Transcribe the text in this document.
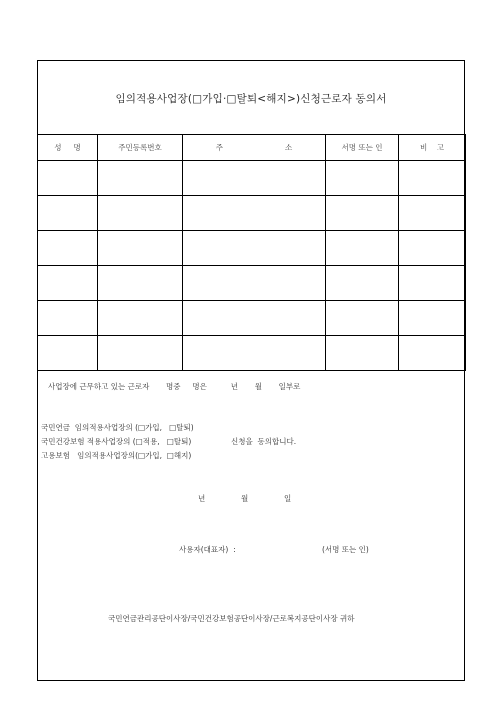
임의적용사업장(□가입·□탈퇴<해지>)신청근로자 동의서
성 명	주민등록번호	주 소	서명 또는 인	비 고

사업장에 근무하고 있는 근로자       명중     명은          년       월       일부로
국민연금  임의적용사업장의 (□가입,   □탈퇴)
국민건강보험 적용사업장의 (□적용,   □탈퇴)	신청을  동의합니다.
고용보험   임의적용사업장의(□가입,  □해지)
년               월               일
사용자(대표자)  :	(서명 또는 인)
국민연금관리공단이사장/국민건강보험공단이사장/근로복지공단이사장 귀하
